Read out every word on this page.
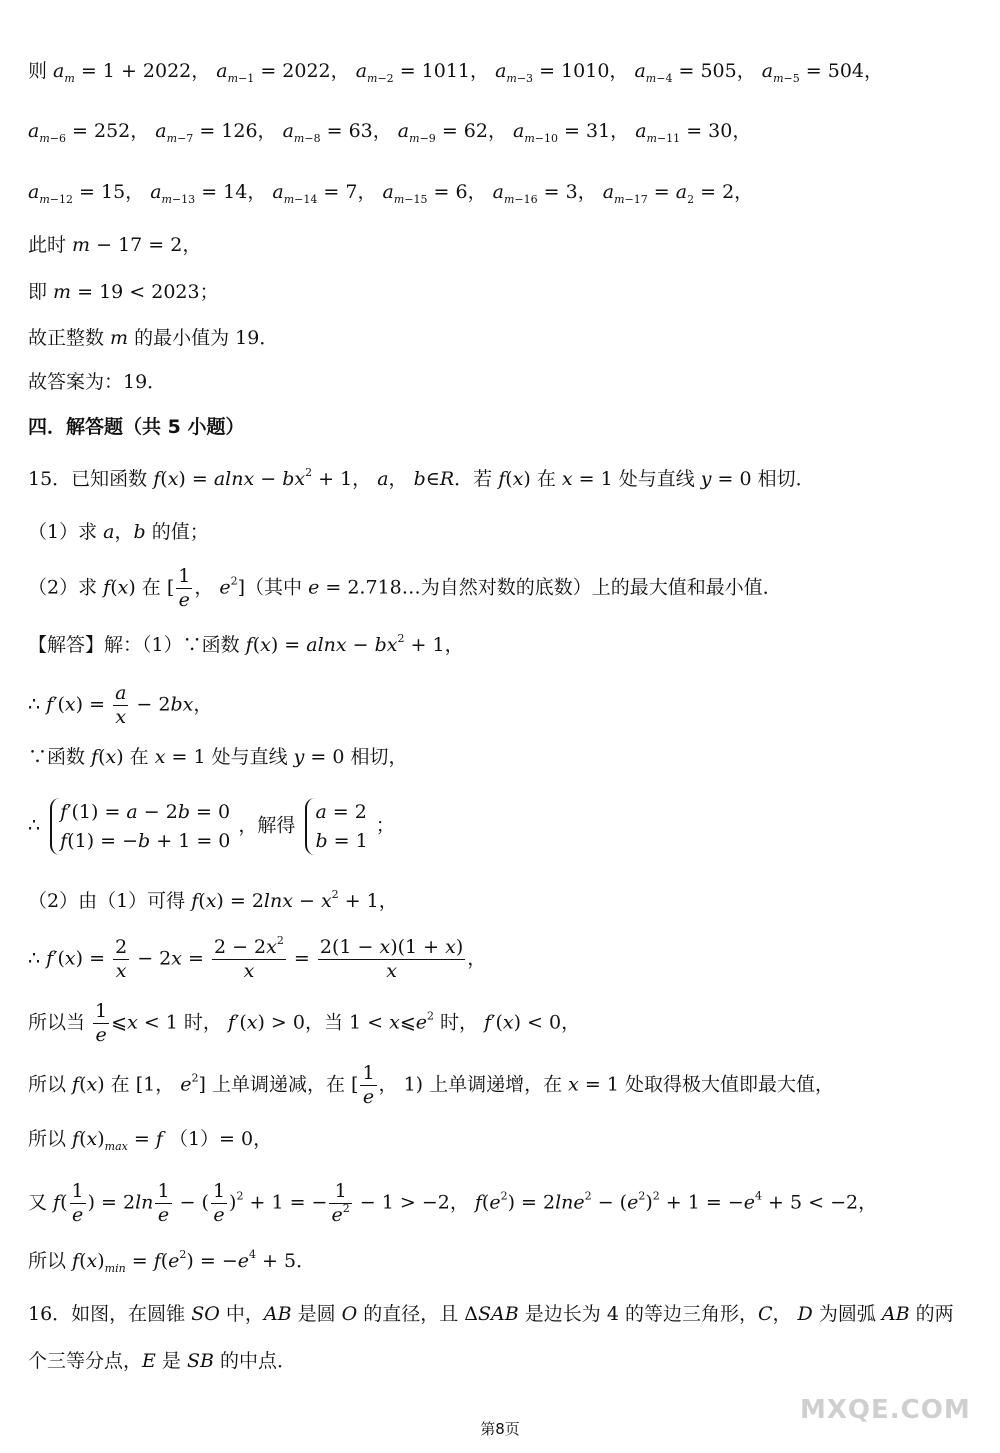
则 $a_m = 1 + 2022$， $a_{m-1} = 2022$， $a_{m-2} = 1011$， $a_{m-3} = 1010$， $a_{m-4} = 505$， $a_{m-5} = 504$，
$a_{m-6} = 252$， $a_{m-7} = 126$， $a_{m-8} = 63$， $a_{m-9} = 62$， $a_{m-10} = 31$， $a_{m-11} = 30$，
$a_{m-12} = 15$， $a_{m-13} = 14$， $a_{m-14} = 7$， $a_{m-15} = 6$， $a_{m-16} = 3$， $a_{m-17} = a_2 = 2$，
此时 m − 17 = 2，
即 m = 19 < 2023；
故正整数 m 的最小值为 19．
故答案为：19．
四．解答题（共 5 小题）
15．已知函数 $f(x) = alnx - bx^2 + 1$， a， b∈R．若 f(x) 在 x = 1 处与直线 y = 0 相切．
（1）求 a，b 的值；
（2）求 f(x) 在 [ $\frac{1}{e}$ ， $e^2$]（其中 e = 2.718…为自然对数的底数）上的最大值和最小值．
【解答】解：（1）∵函数 $f(x) = alnx - bx^2 + 1$，
∴ $f'(x) = \frac{a}{x} - 2bx$，
∵函数 f(x) 在 x = 1 处与直线 y = 0 相切，
∴
f′(1) = a − 2b = 0
f(1) = −b + 1 = 0
，解得
a = 2
b = 1
；
（2）由（1）可得 $f(x) = 2\ln x - x^2 + 1$，
∴ $f'(x) = \frac{2}{x} - 2x = \frac{2 - 2x^2}{x} = \frac{2(1 - x)(1 + x)}{x}$ ，
所以当 $\frac{1}{e}$ ⩽x < 1 时， f′(x) > 0，当 $1 < x⩽e^2$ 时， f′(x) < 0，
所以 f(x) 在 [1， $e^2$] 上单调递减，在 [ $\frac{1}{e}$ ， 1) 上单调递增，在 x = 1 处取得极大值即最大值，
所以 $f(x)_{max} = f$ （1）= 0，
又 $f( \frac{1}{e}$ ) = $2\ln \frac{1}{e}$ − ( $\frac{1}{e} )^2 + 1$ = − $\frac{1}{e^2} - 1 > -2$， $f(e^2) = 2\ln e^2 - (e^2)^2 + 1 = -e^4 + 5 < -2$，
所以 $f(x)_{min} = f(e^2) = -e^4 + 5$．
16．如图，在圆锥 SO 中，AB 是圆 O 的直径，且 ΔSAB 是边长为 4 的等边三角形，C， D 为圆弧 AB 的两
个三等分点，E 是 SB 的中点．
第8页
MXQE.COM
